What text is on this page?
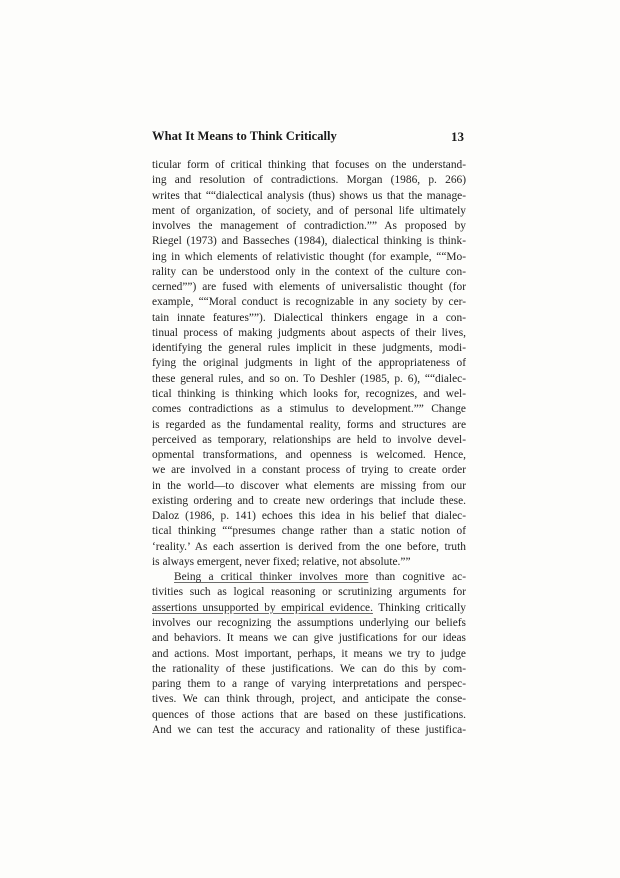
What It Means to Think Critically	13
ticular form of critical thinking that focuses on the understand-
ing and resolution of contradictions. Morgan (1986, p. 266)
writes that ““dialectical analysis (thus) shows us that the manage-
ment of organization, of society, and of personal life ultimately
involves the management of contradiction.”” As proposed by
Riegel (1973) and Basseches (1984), dialectical thinking is think-
ing in which elements of relativistic thought (for example, ““Mo-
rality can be understood only in the context of the culture con-
cerned””) are fused with elements of universalistic thought (for
example, ““Moral conduct is recognizable in any society by cer-
tain innate features””). Dialectical thinkers engage in a con-
tinual process of making judgments about aspects of their lives,
identifying the general rules implicit in these judgments, modi-
fying the original judgments in light of the appropriateness of
these general rules, and so on. To Deshler (1985, p. 6), ““dialec-
tical thinking is thinking which looks for, recognizes, and wel-
comes contradictions as a stimulus to development.”” Change
is regarded as the fundamental reality, forms and structures are
perceived as temporary, relationships are held to involve devel-
opmental transformations, and openness is welcomed. Hence,
we are involved in a constant process of trying to create order
in the world—to discover what elements are missing from our
existing ordering and to create new orderings that include these.
Daloz (1986, p. 141) echoes this idea in his belief that dialec-
tical thinking ““presumes change rather than a static notion of
‘reality.’ As each assertion is derived from the one before, truth
is always emergent, never fixed; relative, not absolute.””
Being a critical thinker involves more than cognitive ac-
tivities such as logical reasoning or scrutinizing arguments for
assertions unsupported by empirical evidence. Thinking critically
involves our recognizing the assumptions underlying our beliefs
and behaviors. It means we can give justifications for our ideas
and actions. Most important, perhaps, it means we try to judge
the rationality of these justifications. We can do this by com-
paring them to a range of varying interpretations and perspec-
tives. We can think through, project, and anticipate the conse-
quences of those actions that are based on these justifications.
And we can test the accuracy and rationality of these justifica-
